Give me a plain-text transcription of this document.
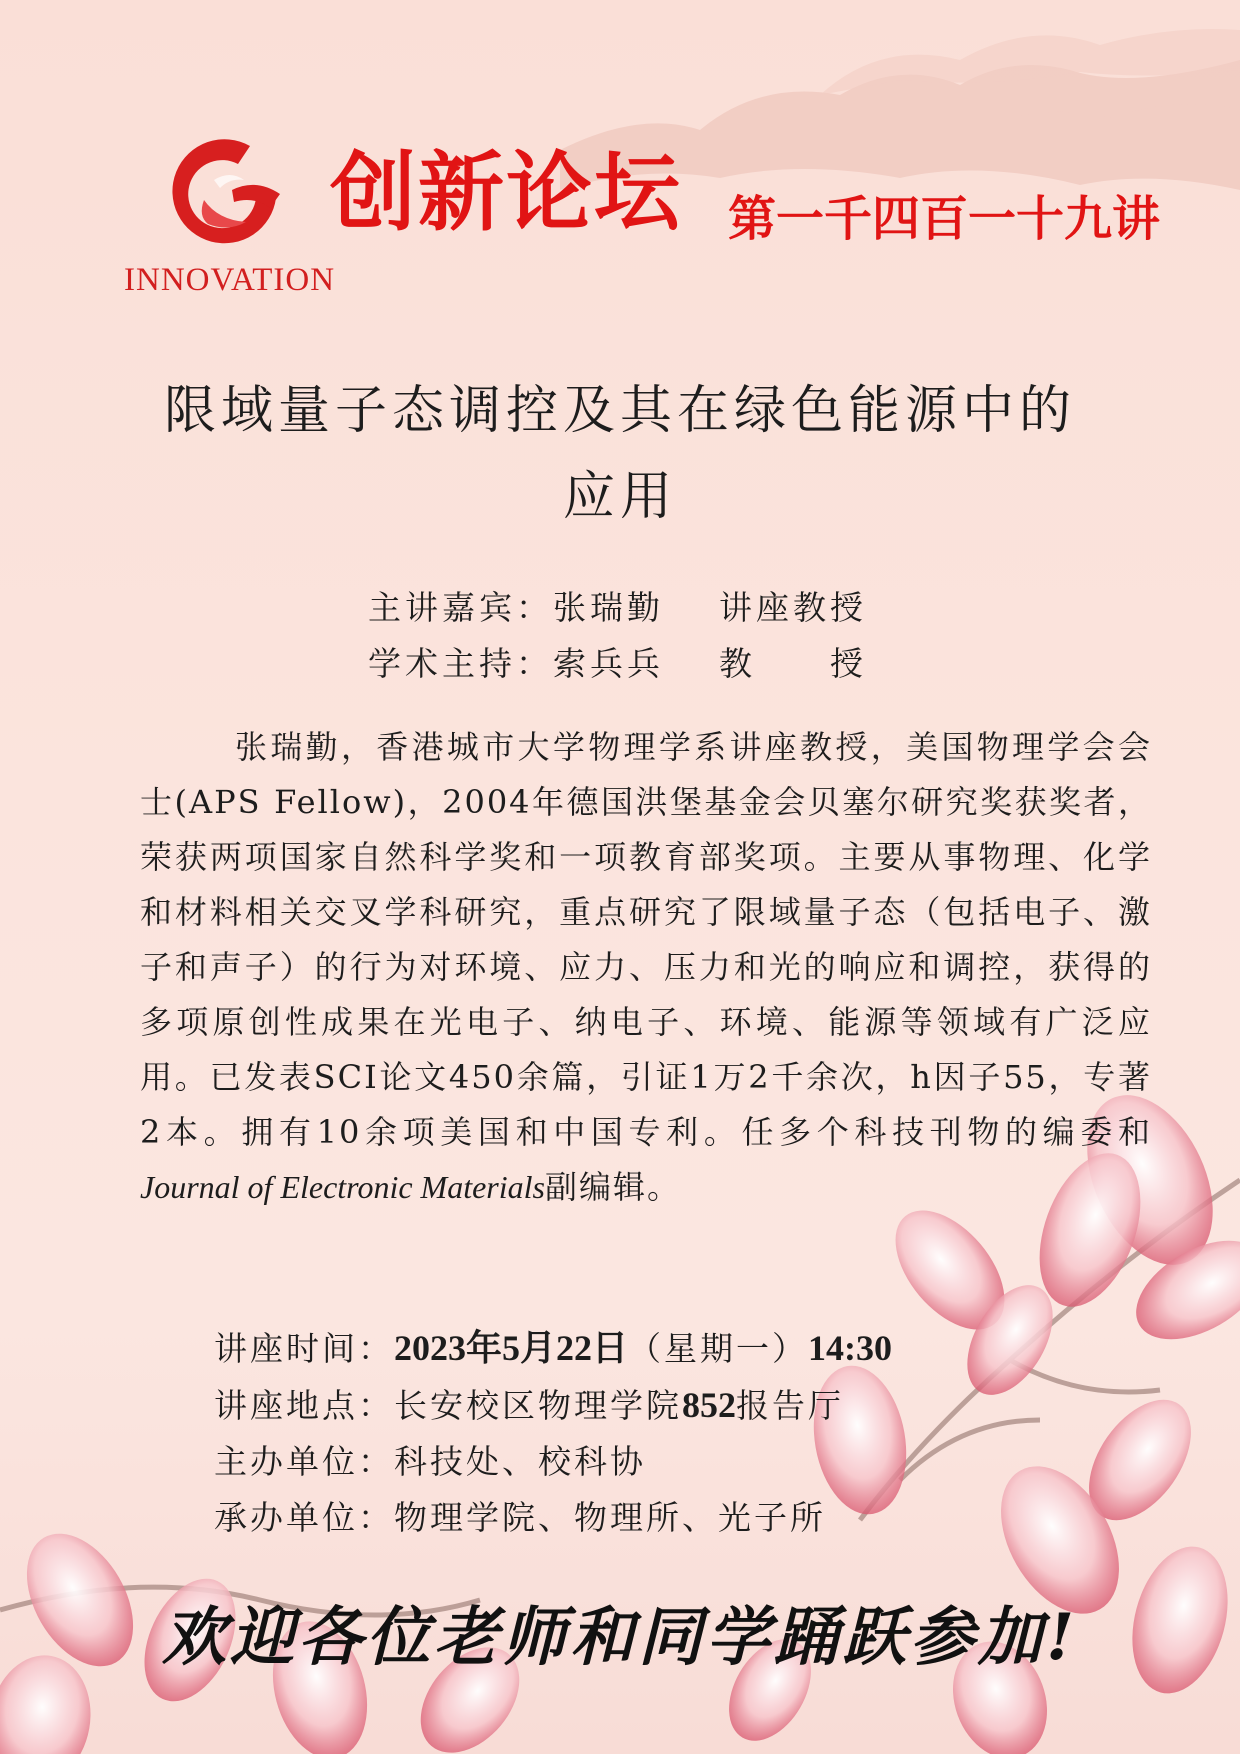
INNOVATION
创新论坛 第一千四百一十九讲
限域量子态调控及其在绿色能源中的
应用
主讲嘉宾：张瑞勤 讲座教授
学术主持：索兵兵 教　　授

张瑞勤，香港城市大学物理学系讲座教授，美国物理学会会士(APS Fellow)，2004年德国洪堡基金会贝塞尔研究奖获奖者，荣获两项国家自然科学奖和一项教育部奖项。主要从事物理、化学和材料相关交叉学科研究，重点研究了限域量子态（包括电子、激子和声子）的行为对环境、应力、压力和光的响应和调控，获得的多项原创性成果在光电子、纳电子、环境、能源等领域有广泛应用。已发表SCI论文450余篇，引证1万2千余次，h因子55，专著2本。拥有10余项美国和中国专利。任多个科技刊物的编委和Journal of Electronic Materials副编辑。

讲座时间：2023年5月22日（星期一）14:30
讲座地点：长安校区物理学院852报告厅
主办单位：科技处、校科协
承办单位：物理学院、物理所、光子所
欢迎各位老师和同学踊跃参加!
